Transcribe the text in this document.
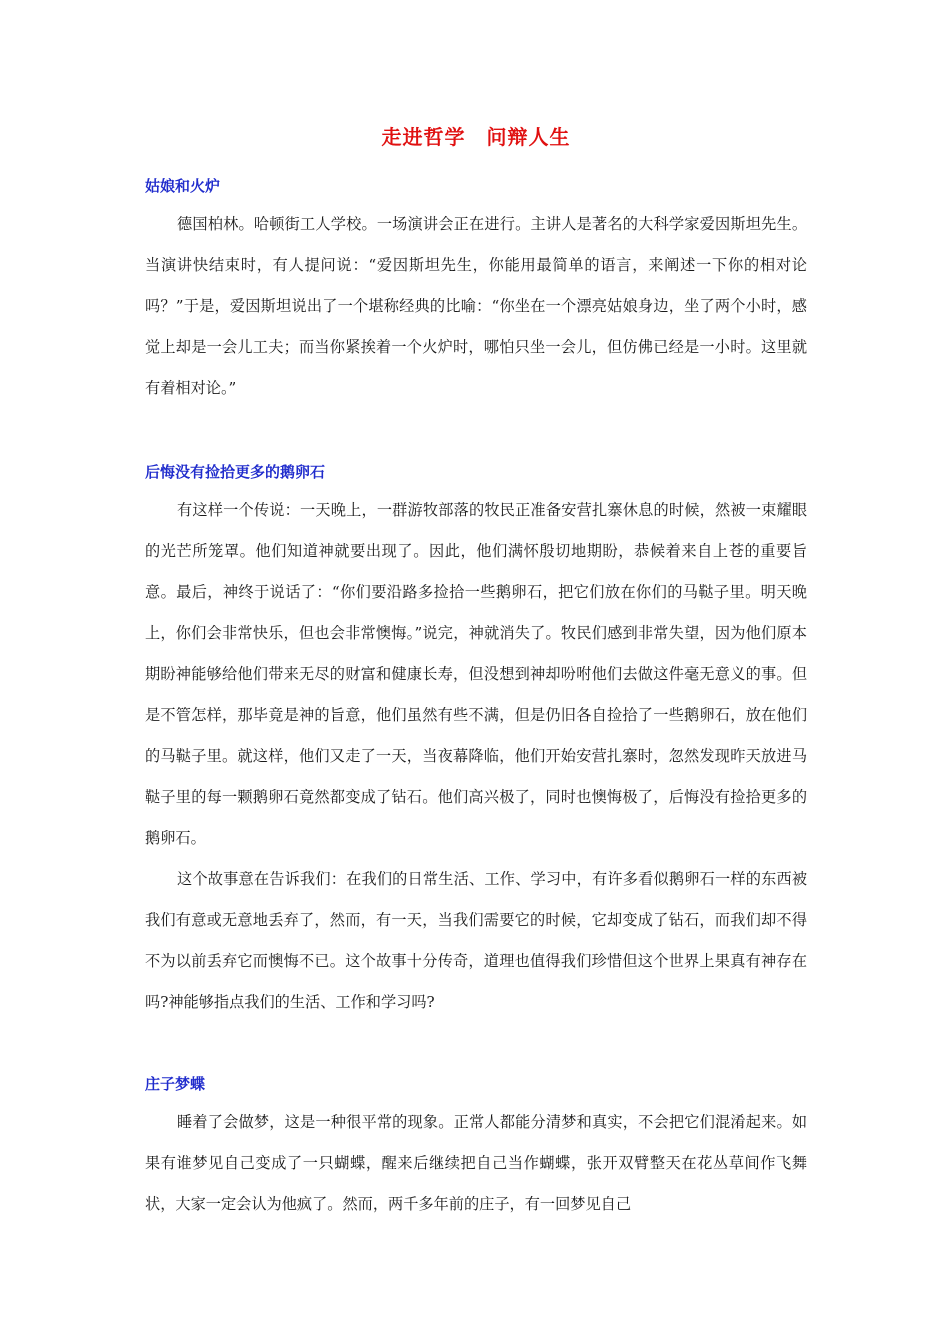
走进哲学　问辩人生
姑娘和火炉

德国柏林。哈顿街工人学校。一场演讲会正在进行。主讲人是著名的大科学家爱因斯坦先生。当演讲快结束时，有人提问说：“爱因斯坦先生，你能用最简单的语言，来阐述一下你的相对论吗？”于是，爱因斯坦说出了一个堪称经典的比喻：“你坐在一个漂亮姑娘身边，坐了两个小时，感觉上却是一会儿工夫；而当你紧挨着一个火炉时，哪怕只坐一会儿，但仿佛已经是一小时。这里就有着相对论。”

后悔没有捡拾更多的鹅卵石

有这样一个传说：一天晚上，一群游牧部落的牧民正准备安营扎寨休息的时候，然被一束耀眼的光芒所笼罩。他们知道神就要出现了。因此，他们满怀殷切地期盼，恭候着来自上苍的重要旨意。最后，神终于说话了：“你们要沿路多捡拾一些鹅卵石，把它们放在你们的马鞑子里。明天晚上，你们会非常快乐，但也会非常懊悔。”说完，神就消失了。牧民们感到非常失望，因为他们原本期盼神能够给他们带来无尽的财富和健康长寿，但没想到神却吩咐他们去做这件毫无意义的事。但是不管怎样，那毕竟是神的旨意，他们虽然有些不满，但是仍旧各自捡拾了一些鹅卵石，放在他们的马鞑子里。就这样，他们又走了一天，当夜幕降临，他们开始安营扎寨时，忽然发现昨天放进马鞑子里的每一颗鹅卵石竟然都变成了钻石。他们高兴极了，同时也懊悔极了，后悔没有捡拾更多的鹅卵石。

这个故事意在告诉我们：在我们的日常生活、工作、学习中，有许多看似鹅卵石一样的东西被我们有意或无意地丢弃了，然而，有一天，当我们需要它的时候，它却变成了钻石，而我们却不得不为以前丢弃它而懊悔不已。这个故事十分传奇，道理也值得我们珍惜但这个世界上果真有神存在吗?神能够指点我们的生活、工作和学习吗?

庄子梦蝶

睡着了会做梦，这是一种很平常的现象。正常人都能分清梦和真实，不会把它们混淆起来。如果有谁梦见自己变成了一只蝴蝶，醒来后继续把自己当作蝴蝶，张开双臂整天在花丛草间作飞舞状，大家一定会认为他疯了。然而，两千多年前的庄子，有一回梦见自己
